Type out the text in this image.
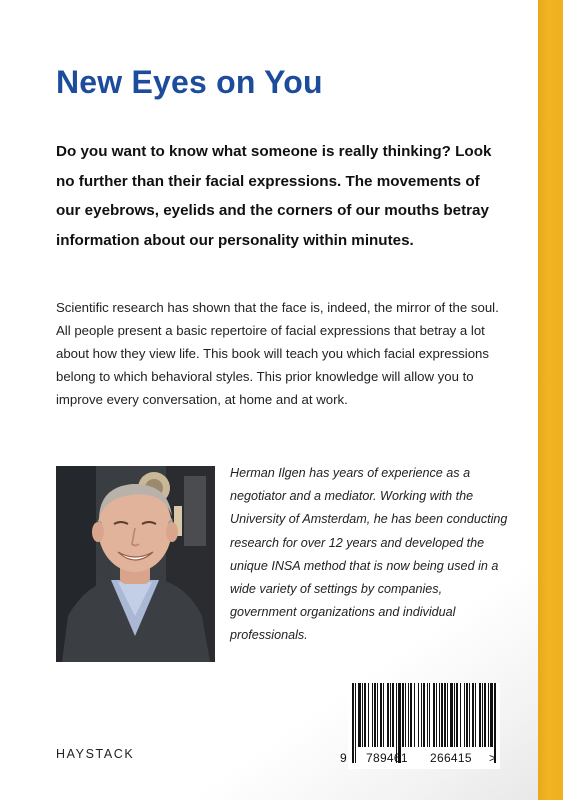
New Eyes on You
Do you want to know what someone is really thinking? Look no further than their facial expressions. The movements of our eyebrows, eyelids and the corners of our mouths betray information about our personality within minutes.
Scientific research has shown that the face is, indeed, the mirror of the soul. All people present a basic repertoire of facial expressions that betray a lot about how they view life. This book will teach you which facial expressions belong to which behavioral styles. This prior knowledge will allow you to improve every conversation, at home and at work.
Herman Ilgen has years of experience as a negotiator and a mediator. Working with the University of Amsterdam, he has been conducting research for over 12 years and developed the unique INSA method that is now being used in a wide variety of settings by companies, government organizations and individual professionals.
HAYSTACK	9 789461 266415 >
